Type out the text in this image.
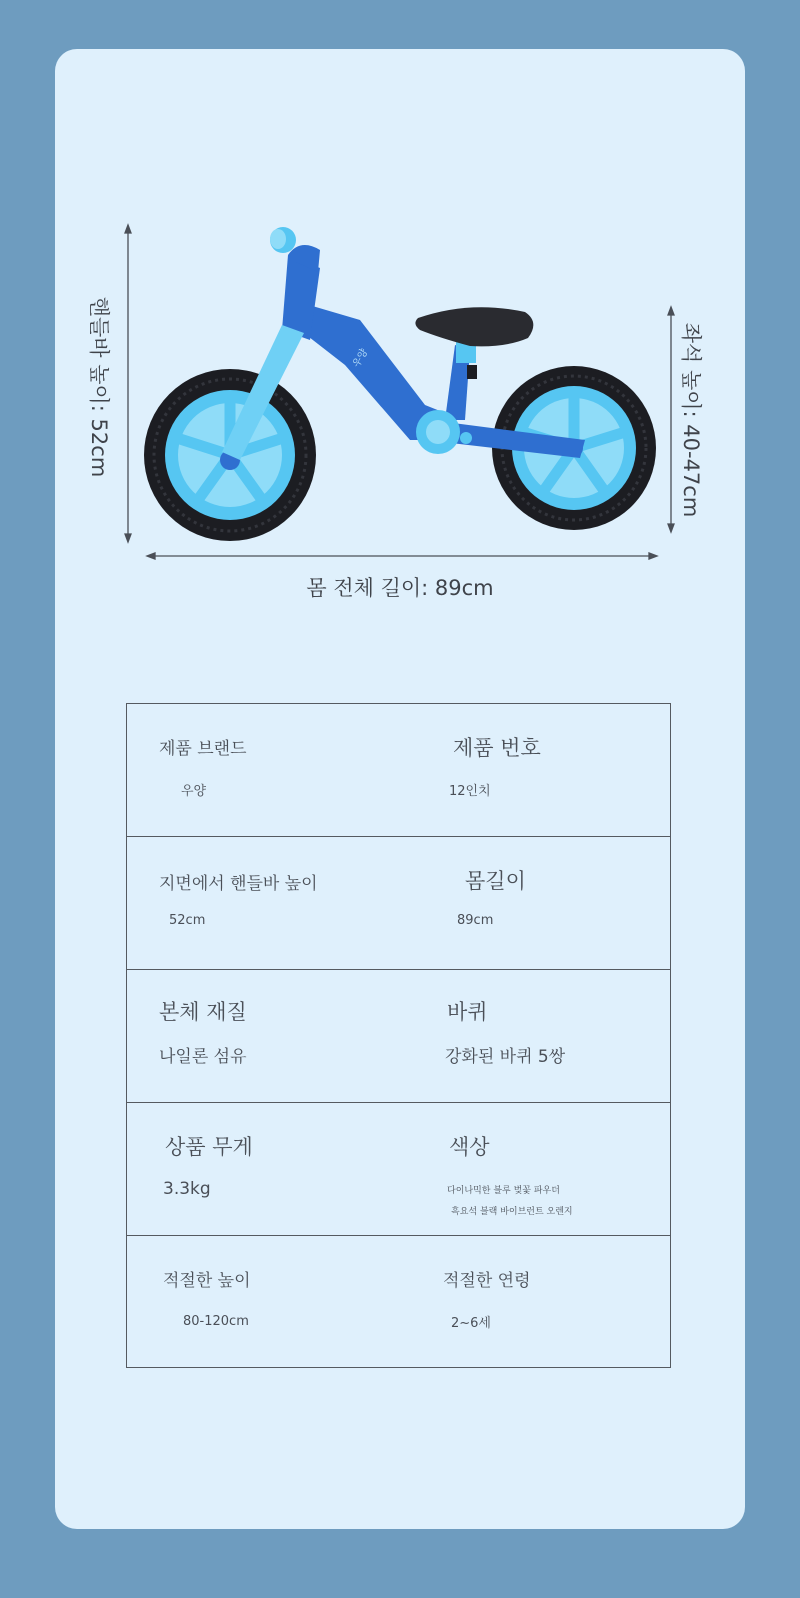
우양
핸들바 높이: 52cm	좌석 높이: 40-47cm
몸 전체 길이: 89cm
제품 브랜드
우양
제품 번호
12인치
지면에서 핸들바 높이
52cm
몸길이
89cm
본체 재질
나일론 섬유
바퀴
강화된 바퀴 5쌍
상품 무게
3.3kg
색상
다이나믹한 블루 벚꽃 파우더
흑요석 블랙 바이브런트 오렌지
적절한 높이
80-120cm
적절한 연령
2~6세
